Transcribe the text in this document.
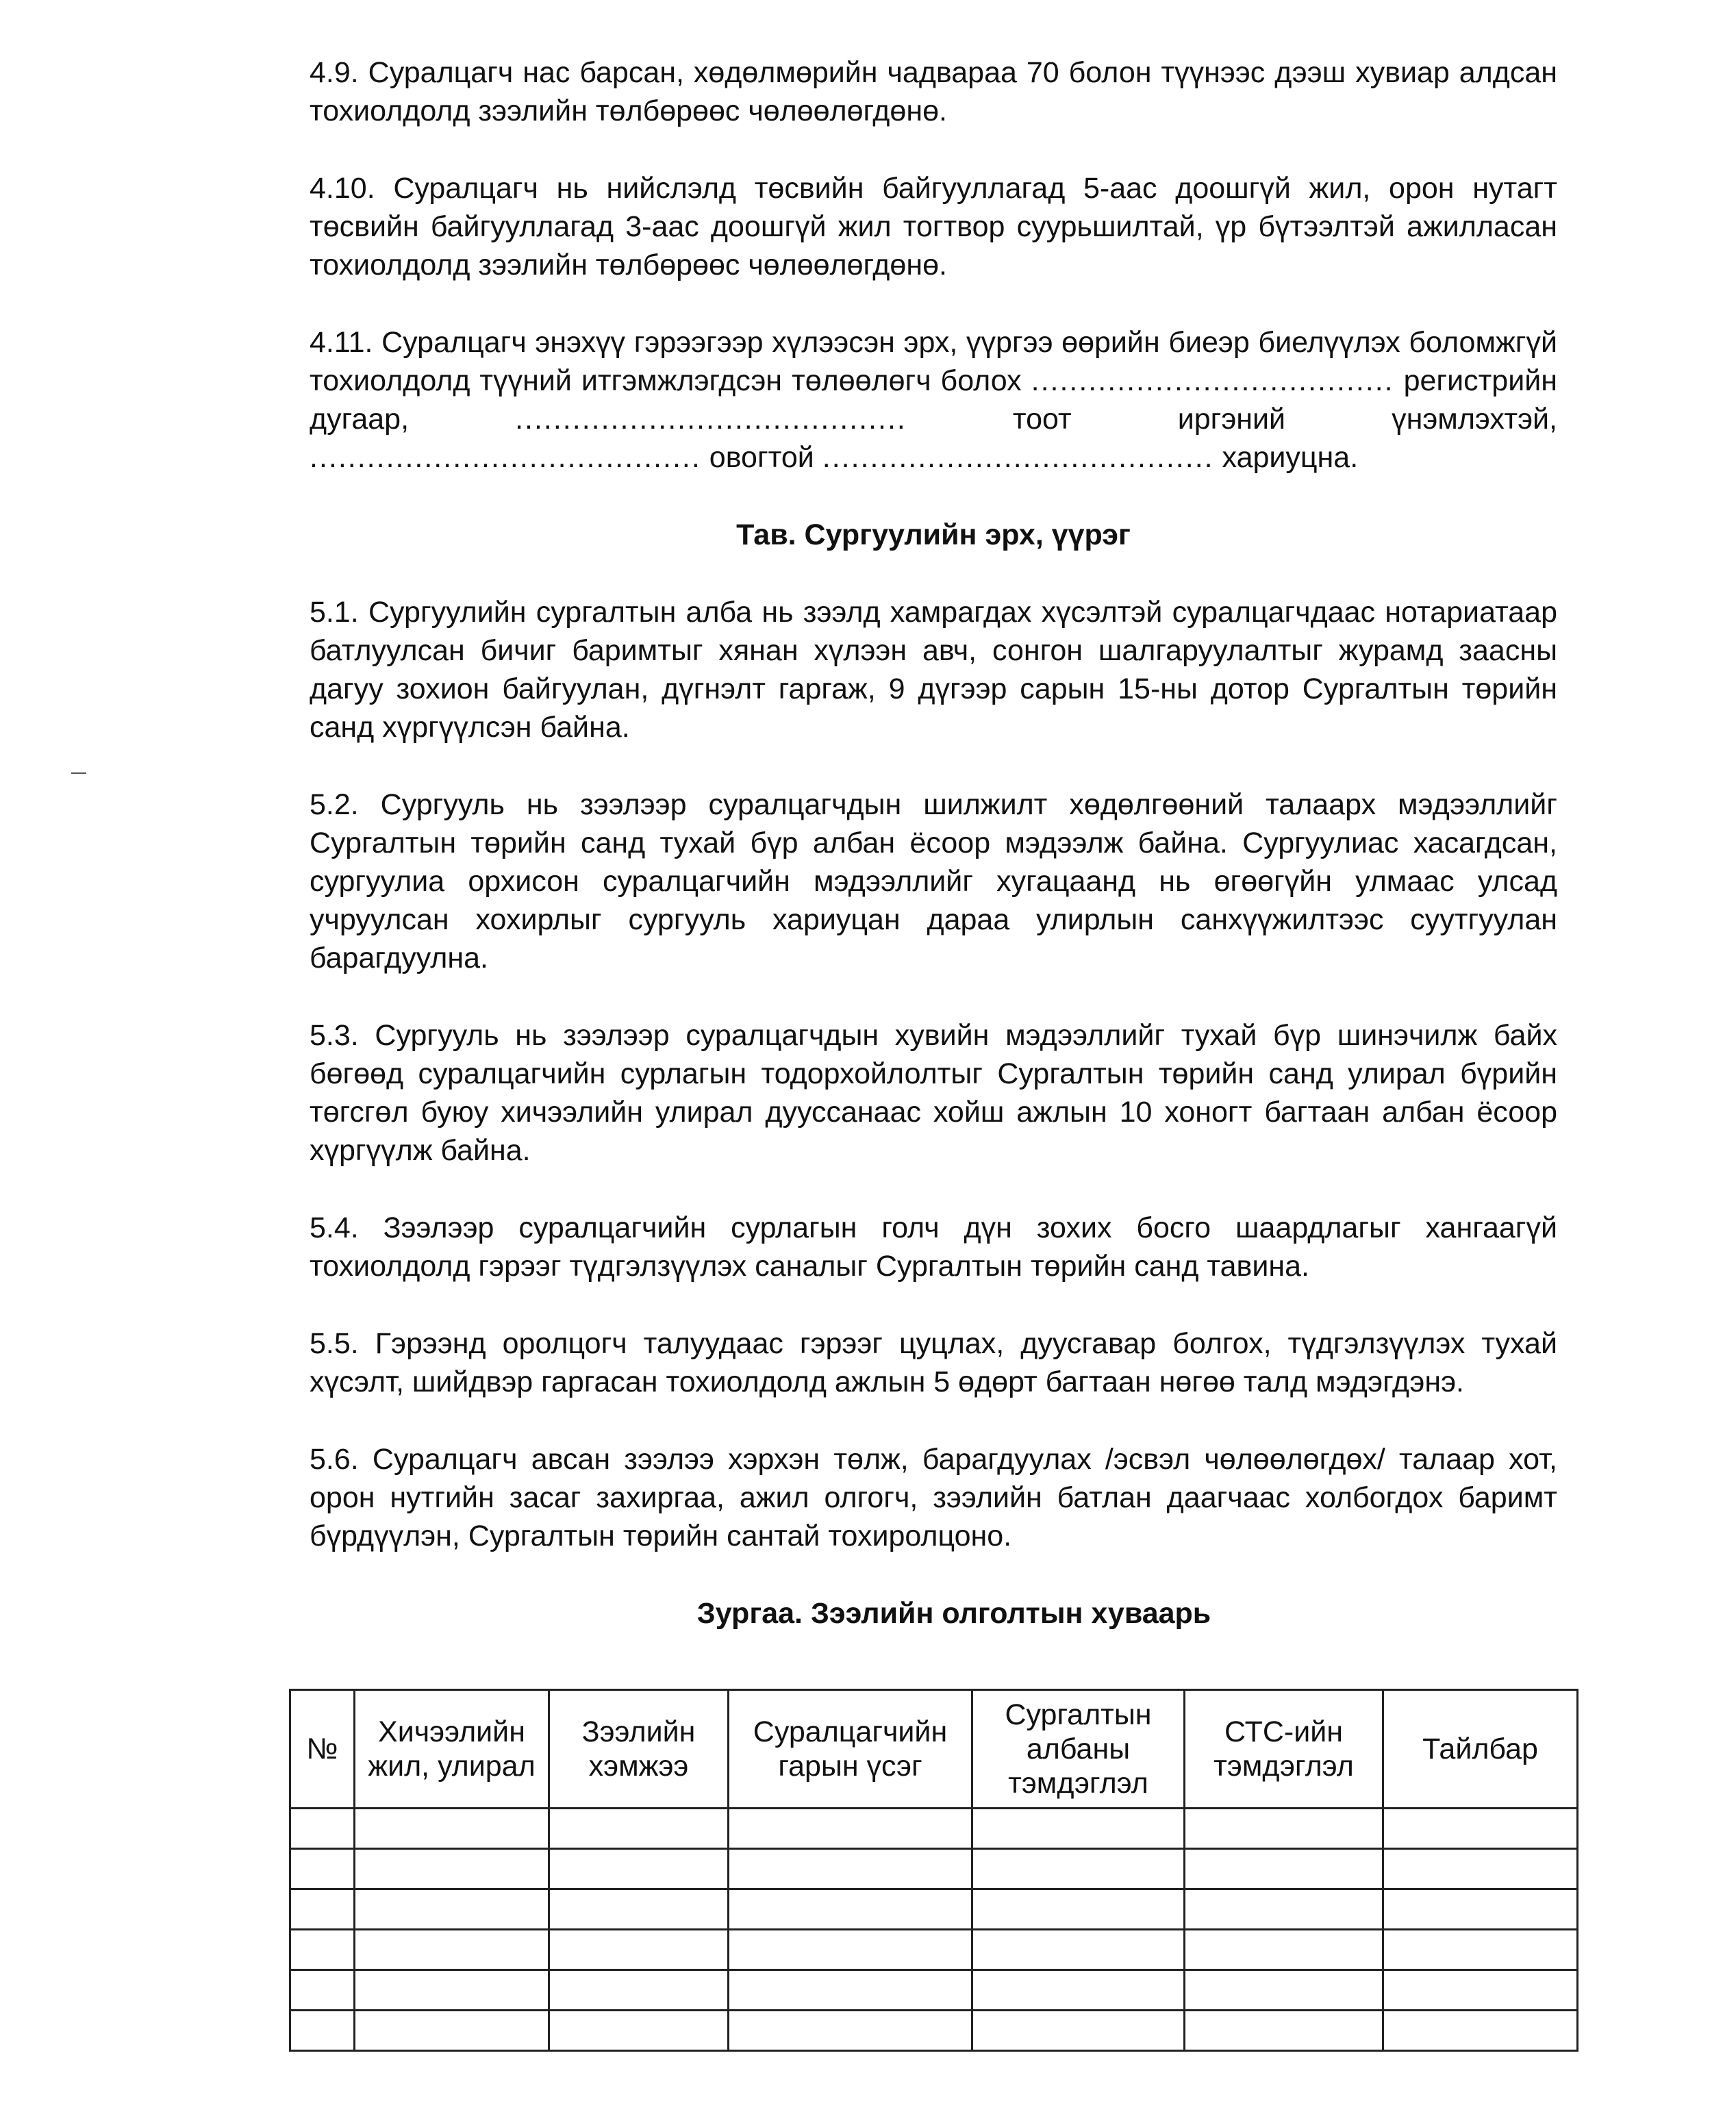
4.9. Суралцагч нас барсан, хөдөлмөрийн чадвараа 70 болон түүнээс дээш хувиар алдсан тохиолдолд зээлийн төлбөрөөс чөлөөлөгдөнө.

4.10. Суралцагч нь нийслэлд төсвийн байгууллагад 5-аас доошгүй жил, орон нутагт төсвийн байгууллагад 3-аас доошгүй жил тогтвор суурьшилтай, үр бүтээлтэй ажилласан тохиолдолд зээлийн төлбөрөөс чөлөөлөгдөнө.

4.11. Суралцагч энэхүү гэрээгээр хүлээсэн эрх, үүргээ өөрийн биеэр биелүүлэх боломжгүй тохиолдолд түүний итгэмжлэгдсэн төлөөлөгч болох ...................................... регистрийн дугаар,	.........................................	тоот иргэний үнэмлэхтэй, ......................................... овогтой ......................................... хариуцна.

Тав. Сургуулийн эрх, үүрэг

5.1. Сургуулийн сургалтын алба нь зээлд хамрагдах хүсэлтэй суралцагчдаас нотариатаар батлуулсан бичиг баримтыг хянан хүлээн авч, сонгон шалгаруулалтыг журамд заасны дагуу зохион байгуулан, дүгнэлт гаргаж, 9 дүгээр сарын 15-ны дотор Сургалтын төрийн санд хүргүүлсэн байна.

5.2. Сургууль нь зээлээр суралцагчдын шилжилт хөдөлгөөний талаарх мэдээллийг Сургалтын төрийн санд тухай бүр албан ёсоор мэдээлж байна. Сургуулиас хасагдсан, сургуулиа орхисон суралцагчийн мэдээллийг хугацаанд нь өгөөгүйн улмаас улсад учруулсан хохирлыг сургууль хариуцан дараа улирлын санхүүжилтээс суутгуулан барагдуулна.

5.3. Сургууль нь зээлээр суралцагчдын хувийн мэдээллийг тухай бүр шинэчилж байх бөгөөд суралцагчийн сурлагын тодорхойлолтыг Сургалтын төрийн санд улирал бүрийн төгсгөл буюу хичээлийн улирал дууссанаас хойш ажлын 10 хоногт багтаан албан ёсоор хүргүүлж байна.

5.4. Зээлээр суралцагчийн сурлагын голч дүн зохих босго шаардлагыг хангаагүй тохиолдолд гэрээг түдгэлзүүлэх саналыг Сургалтын төрийн санд тавина.

5.5. Гэрээнд оролцогч талуудаас гэрээг цуцлах, дуусгавар болгох, түдгэлзүүлэх тухай хүсэлт, шийдвэр гаргасан тохиолдолд ажлын 5 өдөрт багтаан нөгөө талд мэдэгдэнэ.

5.6. Суралцагч авсан зээлээ хэрхэн төлж, барагдуулах /эсвэл чөлөөлөгдөх/ талаар хот, орон нутгийн засаг захиргаа, ажил олгогч, зээлийн батлан даагчаас холбогдох баримт бүрдүүлэн, Сургалтын төрийн сантай тохиролцоно.

Зургаа. Зээлийн олголтын хуваарь
№	Хичээлийн жил, улирал	Зээлийн хэмжээ	Суралцагчийн гарын үсэг	Сургалтын албаны тэмдэглэл	СТС-ийн тэмдэглэл	Тайлбар
